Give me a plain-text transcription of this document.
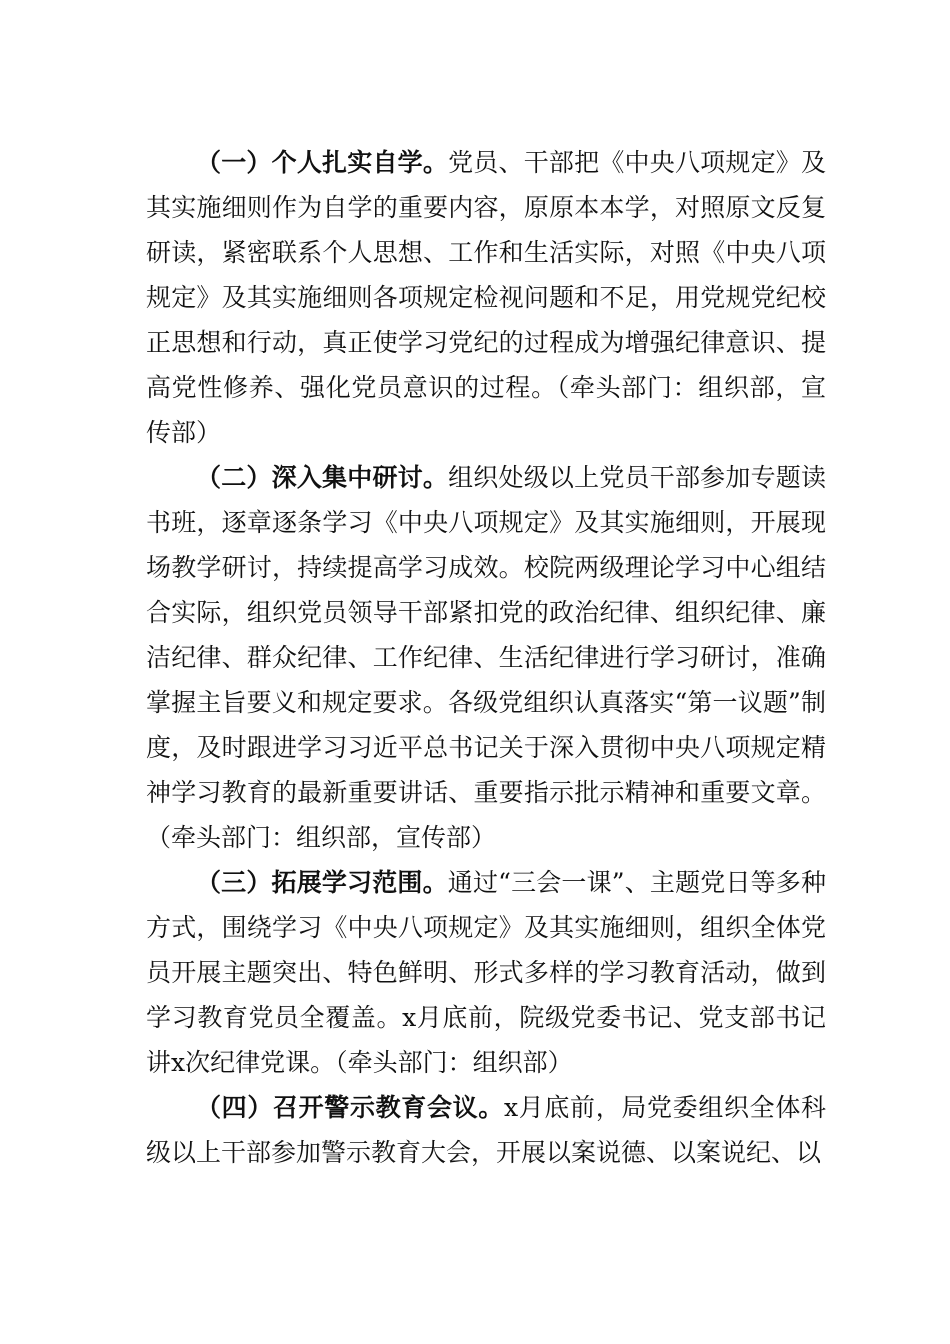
（一）个人扎实自学。党员、干部把《中央八项规定》及其实施细则作为自学的重要内容，原原本本学，对照原文反复研读，紧密联系个人思想、工作和生活实际，对照《中央八项规定》及其实施细则各项规定检视问题和不足，用党规党纪校正思想和行动，真正使学习党纪的过程成为增强纪律意识、提高党性修养、强化党员意识的过程。（牵头部门：组织部，宣传部）

（二）深入集中研讨。组织处级以上党员干部参加专题读书班，逐章逐条学习《中央八项规定》及其实施细则，开展现场教学研讨，持续提高学习成效。校院两级理论学习中心组结合实际，组织党员领导干部紧扣党的政治纪律、组织纪律、廉洁纪律、群众纪律、工作纪律、生活纪律进行学习研讨，准确掌握主旨要义和规定要求。各级党组织认真落实“第一议题”制度，及时跟进学习习近平总书记关于深入贯彻中央八项规定精神学习教育的最新重要讲话、重要指示批示精神和重要文章。（牵头部门：组织部，宣传部）

（三）拓展学习范围。通过“三会一课”、主题党日等多种方式，围绕学习《中央八项规定》及其实施细则，组织全体党员开展主题突出、特色鲜明、形式多样的学习教育活动，做到学习教育党员全覆盖。x月底前，院级党委书记、党支部书记讲x次纪律党课。（牵头部门：组织部）

（四）召开警示教育会议。x月底前，局党委组织全体科级以上干部参加警示教育大会，开展以案说德、以案说纪、以
